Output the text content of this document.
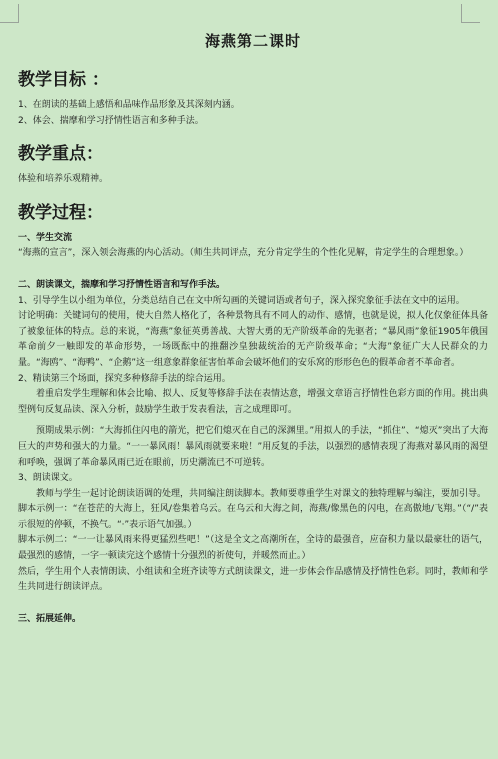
海燕第二课时
教学目标 ：

1、在朗读的基础上感悟和品味作品形象及其深刻内涵。

2、体会、揣摩和学习抒情性语言和多种手法。

教学重点：

体验和培养乐观精神。

教学过程：

一、学生交流

“海燕的宣言”，深入领会海燕的内心活动。（师生共同评点，充分肯定学生的个性化见解，肯定学生的合理想象。）

二、朗读课文，揣摩和学习抒情性语言和写作手法。

1、引导学生以小组为单位，分类总结自己在文中所勾画的关键词语或者句子，深入探究象征手法在文中的运用。

讨论明确：关键词句的使用，使大自然人格化了，各种景物具有不同人的动作、感情，也就是说，拟人化仅象征体具备了被象征体的特点。总的来说，“海燕”象征英勇善战、大智大勇的无产阶级革命的先驱者；“暴风雨”象征1905年俄国革命前夕一触即发的革命形势，一场既酝中的推翻沙皇独裁统治的无产阶级革命；“大海”象征广大人民群众的力量。“海鸥”、“海鸭”、“企鹅”这一组意象群象征害怕革命会破坏他们的安乐窝的形形色色的假革命者不革命者。

2、精读第三个场面，探究多种修辞手法的综合运用。

着重启发学生理解和体会比喻、拟人、反复等修辞手法在表情达意，增强文章语言抒情性色彩方面的作用。挑出典型例句反复品读、深入分析，鼓励学生敢于发表看法，言之成理即可。

预期成果示例：“大海抓住闪电的箭光，把它们熄灭在自己的深渊里。”用拟人的手法，“抓住”、“熄灭”突出了大海巨大的声势和强大的力量。“一一暴风雨！暴风雨就要来啦！”用反复的手法，以强烈的感情表现了海燕对暴风雨的渴望和呼唤，强调了革命暴风雨已近在眼前，历史潮流已不可逆转。

3、朗读课文。

教师与学生一起讨论朗读语调的处理，共同编注朗读脚本。教师要尊重学生对课文的独特理解与编注，要加引导。

脚本示例一：“在苍茫的大海上，狂风/卷集着乌云。在乌云和大海之间，海燕/像黑色的闪电，在高傲地/飞翔。”（“/”表示很短的停顿，不换气。“·”表示语气加强。）

脚本示例二：“一一让暴风雨来得更猛烈些吧！”（这是全文之高潮所在，全诗的最强音，应奋积力量以最豪壮的语气，最强烈的感情，一字一顿读完这个感情十分强烈的祈使句，并暖然而止。）

然后，学生用个人表情朗读、小组读和全班齐读等方式朗读课文，进一步体会作品感情及抒情性色彩。同时，教师和学生共同进行朗读评点。

三、拓展延伸。
